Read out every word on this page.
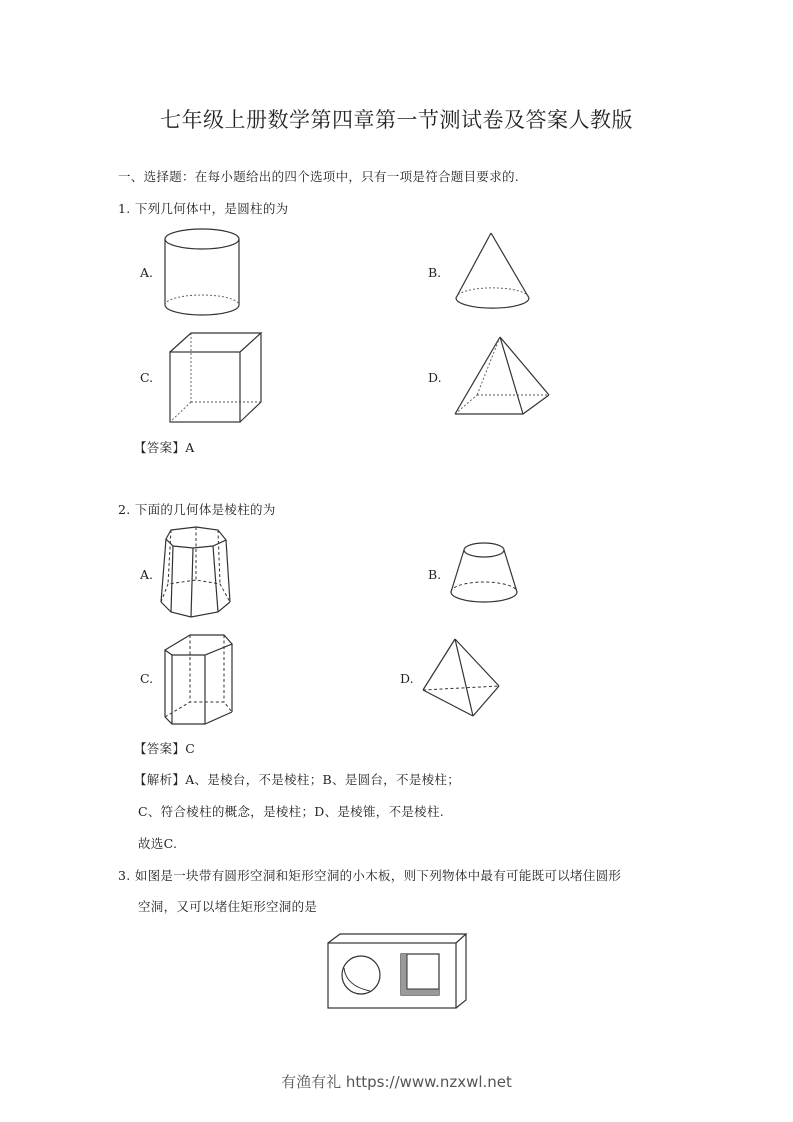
七年级上册数学第四章第一节测试卷及答案人教版
一、选择题：在每小题给出的四个选项中，只有一项是符合题目要求的.
1. 下列几何体中，是圆柱的为
A.	B.
C.	D.
【答案】A
2. 下面的几何体是棱柱的为
A.	B.
C.	D.
【答案】C
【解析】A、是棱台，不是棱柱；B、是圆台，不是棱柱；
C、符合棱柱的概念，是棱柱；D、是棱锥，不是棱柱.
故选C.
3. 如图是一块带有圆形空洞和矩形空洞的小木板，则下列物体中最有可能既可以堵住圆形
空洞，又可以堵住矩形空洞的是
有渔有礼 https://www.nzxwl.net
